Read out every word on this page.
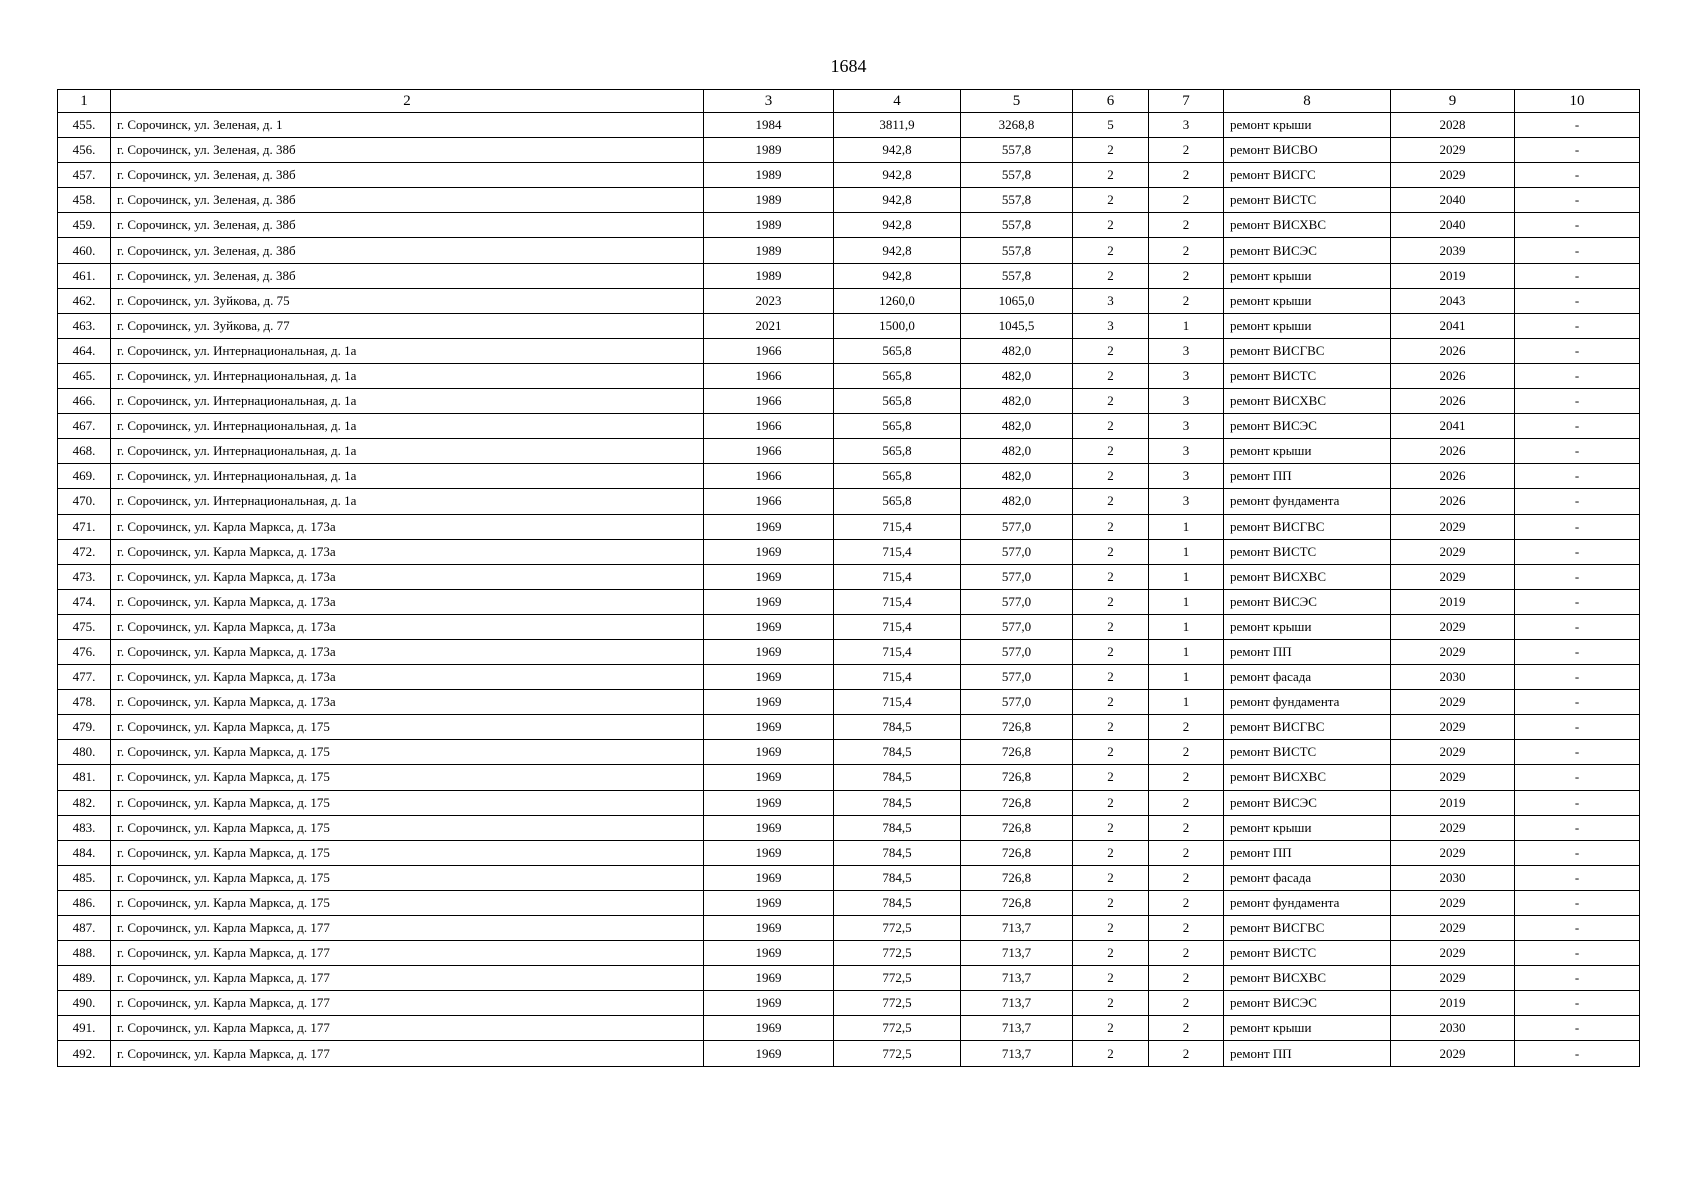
1684
1	2	3	4	5	6	7	8	9	10
455.	г. Сорочинск, ул. Зеленая, д. 1	1984	3811,9	3268,8	5	3	ремонт крыши	2028	-
456.	г. Сорочинск, ул. Зеленая, д. 38б	1989	942,8	557,8	2	2	ремонт ВИСВО	2029	-
457.	г. Сорочинск, ул. Зеленая, д. 38б	1989	942,8	557,8	2	2	ремонт ВИСГС	2029	-
458.	г. Сорочинск, ул. Зеленая, д. 38б	1989	942,8	557,8	2	2	ремонт ВИСТС	2040	-
459.	г. Сорочинск, ул. Зеленая, д. 38б	1989	942,8	557,8	2	2	ремонт ВИСХВС	2040	-
460.	г. Сорочинск, ул. Зеленая, д. 38б	1989	942,8	557,8	2	2	ремонт ВИСЭС	2039	-
461.	г. Сорочинск, ул. Зеленая, д. 38б	1989	942,8	557,8	2	2	ремонт крыши	2019	-
462.	г. Сорочинск, ул. Зуйкова, д. 75	2023	1260,0	1065,0	3	2	ремонт крыши	2043	-
463.	г. Сорочинск, ул. Зуйкова, д. 77	2021	1500,0	1045,5	3	1	ремонт крыши	2041	-
464.	г. Сорочинск, ул. Интернациональная, д. 1а	1966	565,8	482,0	2	3	ремонт ВИСГВС	2026	-
465.	г. Сорочинск, ул. Интернациональная, д. 1а	1966	565,8	482,0	2	3	ремонт ВИСТС	2026	-
466.	г. Сорочинск, ул. Интернациональная, д. 1а	1966	565,8	482,0	2	3	ремонт ВИСХВС	2026	-
467.	г. Сорочинск, ул. Интернациональная, д. 1а	1966	565,8	482,0	2	3	ремонт ВИСЭС	2041	-
468.	г. Сорочинск, ул. Интернациональная, д. 1а	1966	565,8	482,0	2	3	ремонт крыши	2026	-
469.	г. Сорочинск, ул. Интернациональная, д. 1а	1966	565,8	482,0	2	3	ремонт ПП	2026	-
470.	г. Сорочинск, ул. Интернациональная, д. 1а	1966	565,8	482,0	2	3	ремонт фундамента	2026	-
471.	г. Сорочинск, ул. Карла Маркса, д. 173а	1969	715,4	577,0	2	1	ремонт ВИСГВС	2029	-
472.	г. Сорочинск, ул. Карла Маркса, д. 173а	1969	715,4	577,0	2	1	ремонт ВИСТС	2029	-
473.	г. Сорочинск, ул. Карла Маркса, д. 173а	1969	715,4	577,0	2	1	ремонт ВИСХВС	2029	-
474.	г. Сорочинск, ул. Карла Маркса, д. 173а	1969	715,4	577,0	2	1	ремонт ВИСЭС	2019	-
475.	г. Сорочинск, ул. Карла Маркса, д. 173а	1969	715,4	577,0	2	1	ремонт крыши	2029	-
476.	г. Сорочинск, ул. Карла Маркса, д. 173а	1969	715,4	577,0	2	1	ремонт ПП	2029	-
477.	г. Сорочинск, ул. Карла Маркса, д. 173а	1969	715,4	577,0	2	1	ремонт фасада	2030	-
478.	г. Сорочинск, ул. Карла Маркса, д. 173а	1969	715,4	577,0	2	1	ремонт фундамента	2029	-
479.	г. Сорочинск, ул. Карла Маркса, д. 175	1969	784,5	726,8	2	2	ремонт ВИСГВС	2029	-
480.	г. Сорочинск, ул. Карла Маркса, д. 175	1969	784,5	726,8	2	2	ремонт ВИСТС	2029	-
481.	г. Сорочинск, ул. Карла Маркса, д. 175	1969	784,5	726,8	2	2	ремонт ВИСХВС	2029	-
482.	г. Сорочинск, ул. Карла Маркса, д. 175	1969	784,5	726,8	2	2	ремонт ВИСЭС	2019	-
483.	г. Сорочинск, ул. Карла Маркса, д. 175	1969	784,5	726,8	2	2	ремонт крыши	2029	-
484.	г. Сорочинск, ул. Карла Маркса, д. 175	1969	784,5	726,8	2	2	ремонт ПП	2029	-
485.	г. Сорочинск, ул. Карла Маркса, д. 175	1969	784,5	726,8	2	2	ремонт фасада	2030	-
486.	г. Сорочинск, ул. Карла Маркса, д. 175	1969	784,5	726,8	2	2	ремонт фундамента	2029	-
487.	г. Сорочинск, ул. Карла Маркса, д. 177	1969	772,5	713,7	2	2	ремонт ВИСГВС	2029	-
488.	г. Сорочинск, ул. Карла Маркса, д. 177	1969	772,5	713,7	2	2	ремонт ВИСТС	2029	-
489.	г. Сорочинск, ул. Карла Маркса, д. 177	1969	772,5	713,7	2	2	ремонт ВИСХВС	2029	-
490.	г. Сорочинск, ул. Карла Маркса, д. 177	1969	772,5	713,7	2	2	ремонт ВИСЭС	2019	-
491.	г. Сорочинск, ул. Карла Маркса, д. 177	1969	772,5	713,7	2	2	ремонт крыши	2030	-
492.	г. Сорочинск, ул. Карла Маркса, д. 177	1969	772,5	713,7	2	2	ремонт ПП	2029	-
